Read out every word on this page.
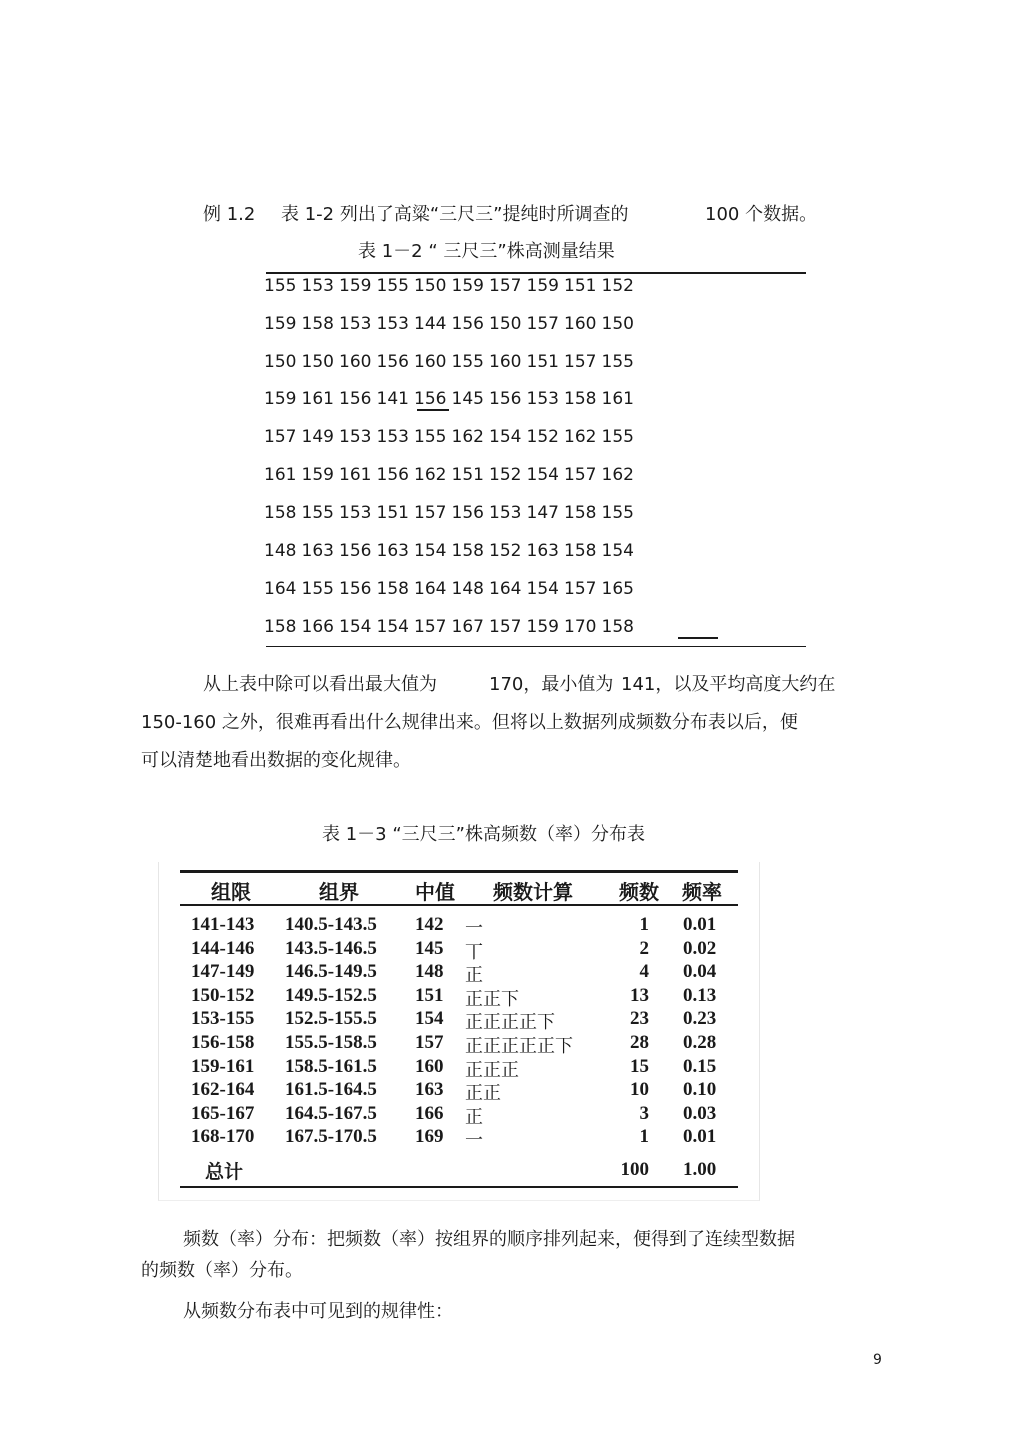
例 1.2 表 1-2 列出了高粱“三尺三”提纯时所调查的	100 个数据。
表 1－2 “ 三尺三”株高测量结果
155 153 159 155 150 159 157 159 151 152
159 158 153 153 144 156 150 157 160 150
150 150 160 156 160 155 160 151 157 155
159 161 156 141 156 145 156 153 158 161
157 149 153 153 155 162 154 152 162 155
161 159 161 156 162 151 152 154 157 162
158 155 153 151 157 156 153 147 158 155
148 163 156 163 154 158 152 163 158 154
164 155 156 158 164 148 164 154 157 165
158 166 154 154 157 167 157 159 170 158
从上表中除可以看出最大值为	170，最小值为 141，以及平均高度大约在
150-160 之外，很难再看出什么规律出来。但将以上数据列成频数分布表以后，便
可以清楚地看出数据的变化规律。
表 1－3 “三尺三”株高频数（率）分布表
组限	组界	中值 频数计算 频数 频率
141-143 140.5-143.5 142 一	1 0.01
144-146 143.5-146.5 145 丅	2 0.02
147-149 146.5-149.5 148 正	4 0.04
150-152 149.5-152.5 151 正正下	13 0.13
153-155 152.5-155.5 154 正正正正下	23 0.23
156-158 155.5-158.5 157 正正正正正下	28 0.28
159-161 158.5-161.5 160 正正正	15 0.15
162-164 161.5-164.5 163 正正	10 0.10
165-167 164.5-167.5 166 正	3 0.03
168-170 167.5-170.5 169 一	1 0.01
总计	100 1.00
频数（率）分布：把频数（率）按组界的顺序排列起来，便得到了连续型数据
的频数（率）分布。
从频数分布表中可见到的规律性：
9
